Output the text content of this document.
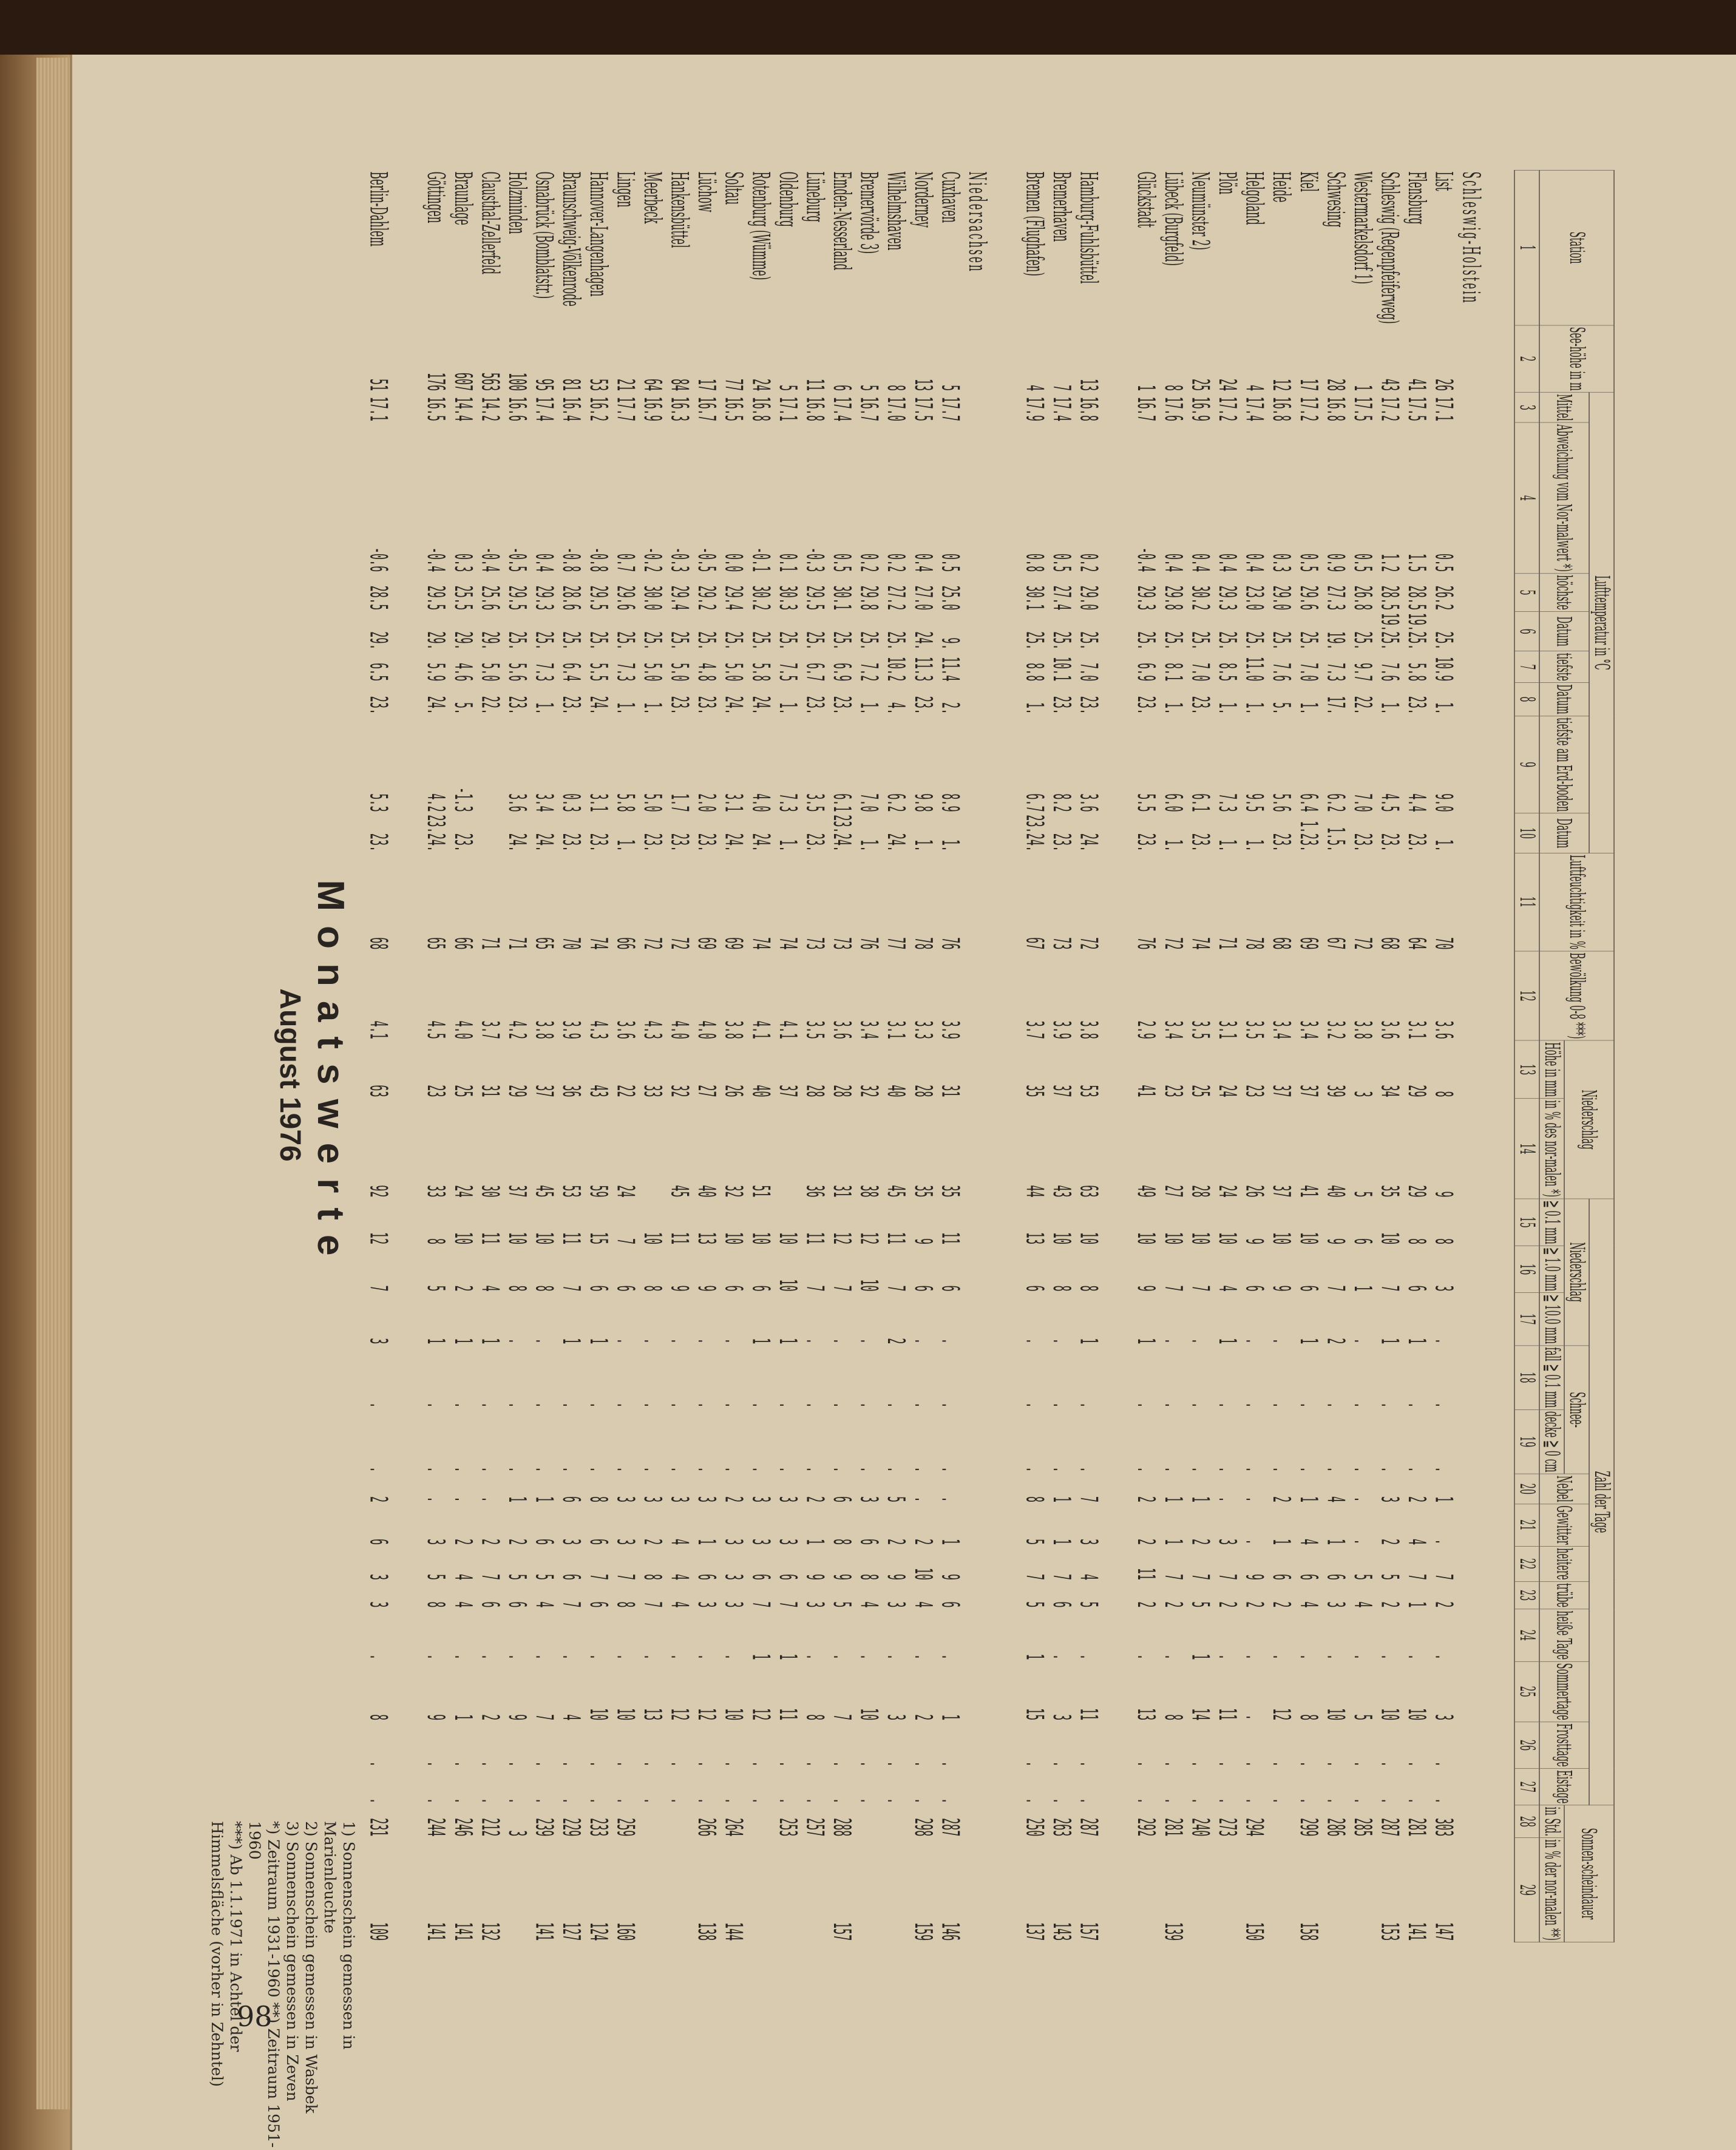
Monatswerte
August 1976
Station	See-höhe in m	Lufttemperatur in °C								Luftfeuchtigkeit in %	Bewölkung 0-8 ***)	Niederschlag		Zahl der Tage													Sonnen-scheindauer	
		Mittel	Abweichung vom Nor-malwert *)	höchste	Datum	tiefste	Datum	tiefste am Erd-boden	Datum					Niederschlag			Schnee-		Nebel	Gewitter	heitere	trübe	heiße Tage	Sommertage	Frosttage	Eistage		
												Höhe in mm	in % des nor-malen *)	≧ 0.1 mm	≧ 1.0 mm	≧ 10.0 mm	fall ≧ 0.1 mm	decke ≧ 0 cm									in Std.	in % der nor-malen **)
1	2	3	4	5	6	7	8	9	10	11	12	13	14	15	16	17	18	19	20	21	22	23	24	25	26	27	28	29

Schleswig-Holstein																												
List	26	17.1	0.5	26.2	25.	10.9	1.	9.0	1.	70	3.6	8	9	8	3	.	.	.	1	.	7	2	.	3	.	.	303	147
Flensburg	41	17.5	1.5	28.5	19.25.	5.8	23.	4.4	23.	64	3.1	29	29	8	6	1	.	.	2	4	7	1	.	10	.	.	281	141
Schleswig (Regenpfeiferweg)	43	17.2	1.2	28.5	19.25.	7.6	1.	4.5	23.	68	3.6	34	35	10	7	1	.	.	3	2	5	2	.	10	.	.	287	153
Westermarkelsdorf 1)	1	17.5	0.5	26.8	25.	9.7	22.	7.0	23.	72	3.8	3	5	6	1	.	.	.	.	.	5	4	.	5	.	.	285	
Schwesing	28	16.8	0.9	27.3	19.	7.3	17.	6.2	1.5.	67	3.2	39	40	9	7	2	.	.	4	1	6	3	.	10	.	.	286	
Kiel	17	17.2	0.5	29.6	25.	7.0	1.	6.4	1.23.	69	3.4	37	41	10	6	1	.	.	1	4	6	4	.	8	.	.	299	158
Heide	12	16.8	0.3	29.0	25.	7.6	5.	5.6	23.	68	3.4	37	37	10	9	.	.	.	2	1	6	2	.	12	.	.		
Helgoland	4	17.4	0.4	23.0	25.	11.0	1.	9.5	1.	78	3.5	23	26	9	6	.	.	.	.	.	9	2	.	.	.	.	294	150
Plön	24	17.2	0.4	29.3	25.	8.5	1.	7.3	1.	71	3.1	24	24	10	4	1	.	.	.	3	7	2	.	11	.	.	273	
Neumünster 2)	25	16.9	0.4	30.2	25.	7.0	23.	6.1	23.	74	3.5	25	28	10	7	.	.	.	1	2	7	5	1	14	.	.	240	
Lübeck (Burgfeld)	8	17.6	0.4	29.8	25.	8.1	1.	6.0	1.	72	3.4	23	27	10	7	.	.	.	1	1	7	2	.	8	.	.	281	139
Glückstadt	1	16.7	-0.4	29.3	25.	6.9	23.	5.5	23.	76	2.9	41	49	10	9	1	.	.	2	2	11	2	.	13	.	.	292	

Hamburg-Fuhlsbüttel	13	16.8	0.2	29.0	25.	7.0	23.	3.6	24.	72	3.8	53	63	10	8	1	.	.	7	3	4	5	.	11	.	.	287	157
Bremerhaven	7	17.4	0.5	27.4	25.	10.1	23.	8.2	23.	73	3.9	37	43	10	8	.	.	.	1	1	7	6	.	3	.	.	263	143
Bremen (Flughafen)	4	17.9	0.8	30.1	25.	8.8	1.	6.7	23.24.	67	3.7	35	44	13	6	.	.	.	8	5	7	5	1	15	.	.	250	137

Niedersachsen																												
Cuxhaven	5	17.7	0.5	25.0	9.	11.4	2.	8.9	1.	76	3.9	31	35	11	6	.	.	.	.	1	9	6	.	1	.	.	287	146
Norderney	13	17.5	0.4	27.0	24.	11.3	23.	9.8	1.	78	3.3	28	35	9	6	.	.	.	.	2	10	4	.	2	.	.	298	159
Wilhelmshaven	8	17.0	0.2	27.2	25.	10.2	4.	6.2	24.	77	3.1	40	45	11	7	2	.	.	5	2	9	3	.	3	.	.		
Bremervörde 3)	5	16.7	0.2	29.8	25.	7.2	1.	7.0	1.	76	3.4	32	38	12	10	.	.	.	3	6	8	4	.	10	.	.		
Emden-Nesserland	6	17.4	0.5	30.1	25.	6.9	23.	6.1	23.24.	73	3.6	28	31	12	7	.	.	.	6	8	9	5	.	7	.	.	288	157
Lüneburg	11	16.8	-0.3	29.5	25.	6.7	23.	3.5	23.	73	3.5	28	36	11	7	.	.	.	2	1	9	3	.	8	.	.	257	
Oldenburg	5	17.1	0.1	30.3	25.	7.5	1.	7.3	1.	74	4.1	37		10	10	1	.	.	3	3	6	7	1	11	.	.	253	
Rotenburg (Wümme)	24	16.8	-0.1	30.2	25.	5.8	24.	4.0	24.	74	4.1	40	51	10	6	1	.	.	3	3	6	7	1	12	.	.		
Soltau	77	16.5	0.0	29.4	25.	5.0	24.	3.1	24.	69	3.8	26	32	10	6	.	.	.	2	3	3	3	.	10	.	.	264	144
Lüchow	17	16.7	-0.5	29.2	25.	4.8	23.	2.0	23.	69	4.0	27	40	13	9	.	.	.	3	1	6	3	.	12	.	.	266	138
Hankensbüttel	84	16.3	-0.3	29.4	25.	5.0	23.	1.7	23.	72	4.0	32	45	11	9	.	.	.	3	4	4	4	.	12	.	.		
Meerbeck	64	16.9	-0.2	30.0	25.	5.0	1.	5.0	23.	72	4.3	33		10	8	.	.	.	3	2	8	7	.	13	.	.		
Lingen	21	17.7	0.7	29.6	25.	7.3	1.	5.8	1.	66	3.6	22	24	7	6	.	.	.	3	3	7	8	.	10	.	.	259	160
Hannover-Langenhagen	53	16.2	-0.8	29.5	25.	5.5	24.	3.1	23.	74	4.3	43	59	15	6	1	.	.	8	6	7	6	.	10	.	.	233	124
Braunschweig-Völkenrode	81	16.4	-0.8	28.6	25.	6.4	23.	0.3	23.	70	3.9	36	53	11	7	1	.	.	6	3	6	7	.	4	.	.	229	127
Osnabrück (Bomblatstr.)	95	17.4	0.4	29.3	25.	7.3	1.	3.4	24.	65	3.8	37	45	10	8	.	.	.	1	6	5	4	.	7	.	.	239	141
Holzminden	100	16.6	-0.5	29.5	25.	5.6	23.	3.6	24.	71	4.2	29	37	10	8	.	.	.	1	2	5	6	.	9	.	.	3	
Clausthal-Zellerfeld	563	14.2	-0.4	25.6	29.	5.0	22.			71	3.7	31	30	11	4	1	.	.	.	2	7	6	.	2	.	.	212	132
Braunlage	607	14.4	0.3	25.5	29.	4.6	5.	-1.3	23.	66	4.0	25	24	10	2	1	.	.	.	2	4	4	.	1	.	.	246	141
Göttingen	176	16.5	-0.4	29.5	29.	5.9	24.	4.2	23.24.	65	4.5	23	33	8	5	1	.	.	.	3	5	8	.	9	.	.	244	141

Berlin-Dahlem	51	17.1	-0.6	28.5	29.	6.5	23.	5.3	23.	68	4.1	63	92	12	7	3	.	.	2	6	3	3	.	8	.	.	231	109
1) Sonnenschein gemessen in Marienleuchte
2) Sonnenschein gemessen in Wasbek
3) Sonnenschein gemessen in Zeven
*) Zeitraum 1931-1960 **) Zeitraum 1951-1960
***) Ab 1.1.1971 in Achtel der Himmelsfläche (vorher in Zehntel) 98
